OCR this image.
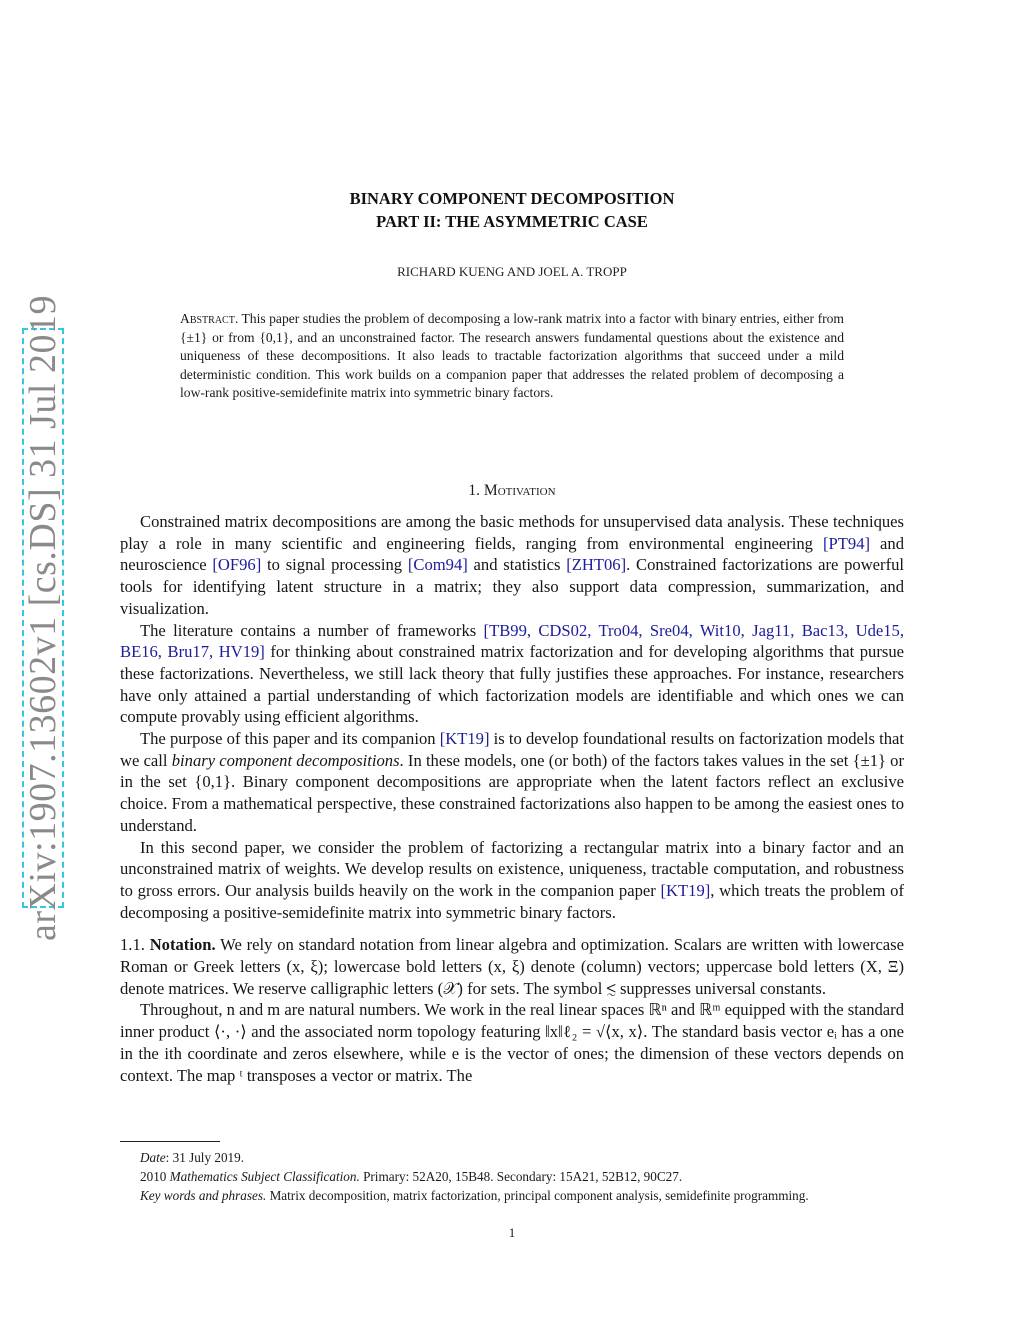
arXiv:1907.13602v1 [cs.DS] 31 Jul 2019
BINARY COMPONENT DECOMPOSITION
PART II: THE ASYMMETRIC CASE
RICHARD KUENG AND JOEL A. TROPP
Abstract. This paper studies the problem of decomposing a low-rank matrix into a factor with binary entries, either from {±1} or from {0,1}, and an unconstrained factor. The research answers fundamental questions about the existence and uniqueness of these decompositions. It also leads to tractable factorization algorithms that succeed under a mild deterministic condition. This work builds on a companion paper that addresses the related problem of decomposing a low-rank positive-semidefinite matrix into symmetric binary factors.
1. Motivation

Constrained matrix decompositions are among the basic methods for unsupervised data analysis. These techniques play a role in many scientific and engineering fields, ranging from environmental engineering [PT94] and neuroscience [OF96] to signal processing [Com94] and statistics [ZHT06]. Constrained factorizations are powerful tools for identifying latent structure in a matrix; they also support data compression, summarization, and visualization.

The literature contains a number of frameworks [TB99, CDS02, Tro04, Sre04, Wit10, Jag11, Bac13, Ude15, BE16, Bru17, HV19] for thinking about constrained matrix factorization and for developing algorithms that pursue these factorizations. Nevertheless, we still lack theory that fully justifies these approaches. For instance, researchers have only attained a partial understanding of which factorization models are identifiable and which ones we can compute provably using efficient algorithms.

The purpose of this paper and its companion [KT19] is to develop foundational results on factorization models that we call binary component decompositions. In these models, one (or both) of the factors takes values in the set {±1} or in the set {0,1}. Binary component decompositions are appropriate when the latent factors reflect an exclusive choice. From a mathematical perspective, these constrained factorizations also happen to be among the easiest ones to understand.

In this second paper, we consider the problem of factorizing a rectangular matrix into a binary factor and an unconstrained matrix of weights. We develop results on existence, uniqueness, tractable computation, and robustness to gross errors. Our analysis builds heavily on the work in the companion paper [KT19], which treats the problem of decomposing a positive-semidefinite matrix into symmetric binary factors.

1.1. Notation. We rely on standard notation from linear algebra and optimization. Scalars are written with lowercase Roman or Greek letters (x, ξ); lowercase bold letters (x, ξ) denote (column) vectors; uppercase bold letters (X, Ξ) denote matrices. We reserve calligraphic letters (𝒳) for sets. The symbol ≲ suppresses universal constants.

Throughout, n and m are natural numbers. We work in the real linear spaces ℝⁿ and ℝᵐ equipped with the standard inner product ⟨·, ·⟩ and the associated norm topology featuring ‖x‖ℓ₂ = √⟨x, x⟩. The standard basis vector eᵢ has a one in the ith coordinate and zeros elsewhere, while e is the vector of ones; the dimension of these vectors depends on context. The map ᵗ transposes a vector or matrix. The

Date: 31 July 2019.

2010 Mathematics Subject Classification. Primary: 52A20, 15B48. Secondary: 15A21, 52B12, 90C27.

Key words and phrases. Matrix decomposition, matrix factorization, principal component analysis, semidefinite programming.

1
